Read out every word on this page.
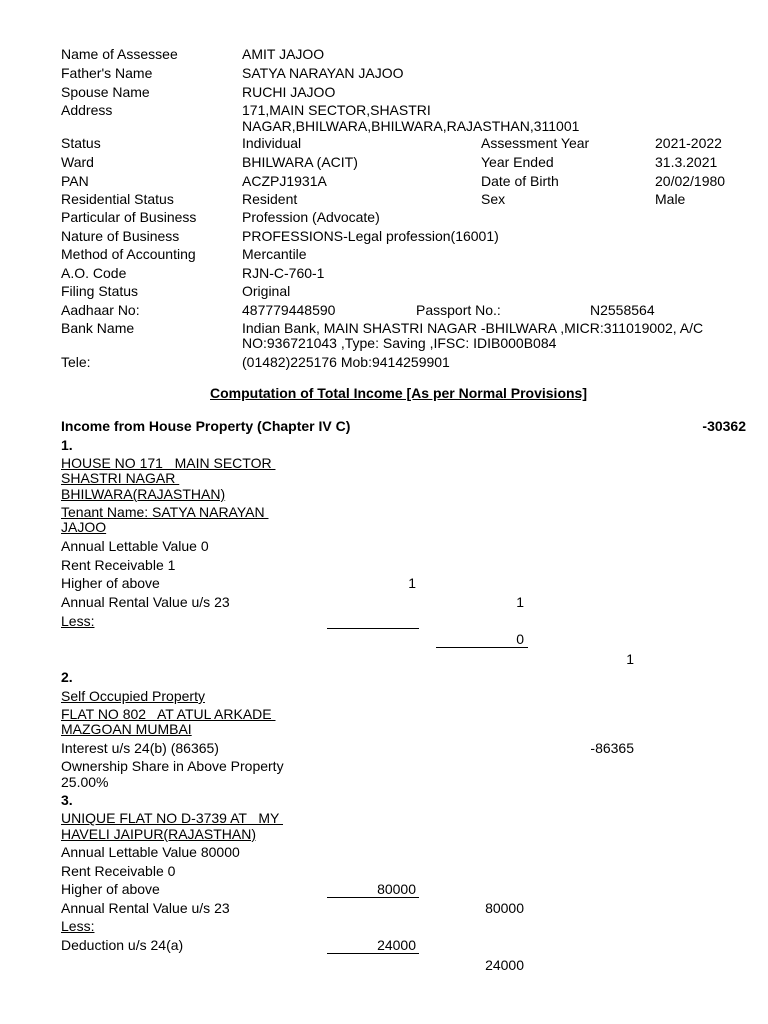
Name of Assessee	AMIT JAJOO
Father's Name	SATYA NARAYAN JAJOO
Spouse Name	RUCHI JAJOO
Address	171,MAIN SECTOR,SHASTRI
NAGAR,BHILWARA,BHILWARA,RAJASTHAN,311001
Status	Individual	Assessment Year	2021-2022
Ward	BHILWARA (ACIT)	Year Ended	31.3.2021
PAN	ACZPJ1931A	Date of Birth	20/02/1980
Residential Status	Resident	Sex	Male
Particular of Business	Profession (Advocate)
Nature of Business	PROFESSIONS-Legal profession(16001)
Method of Accounting	Mercantile
A.O. Code	RJN-C-760-1
Filing Status	Original
Aadhaar No:	487779448590	Passport No.:	N2558564
Bank Name	Indian Bank, MAIN SHASTRI NAGAR -BHILWARA ,MICR:311019002, A/C
NO:936721043 ,Type: Saving ,IFSC: IDIB000B084
Tele:	(01482)225176 Mob:9414259901
Computation of Total Income [As per Normal Provisions]
Income from House Property (Chapter IV C)	-30362
1.
HOUSE NO 171   MAIN SECTOR
SHASTRI NAGAR
BHILWARA(RAJASTHAN)
Tenant Name: SATYA NARAYAN
JAJOO
Annual Lettable Value 0
Rent Receivable 1
Higher of above	1
Annual Rental Value u/s 23	1
Less:
0
1
2.
Self Occupied Property
FLAT NO 802   AT ATUL ARKADE
MAZGOAN MUMBAI
Interest u/s 24(b) (86365)	-86365
Ownership Share in Above Property
25.00%
3.
UNIQUE FLAT NO D-3739 AT   MY
HAVELI JAIPUR(RAJASTHAN)
Annual Lettable Value 80000
Rent Receivable 0
Higher of above	80000
Annual Rental Value u/s 23	80000
Less:
Deduction u/s 24(a)	24000
24000
